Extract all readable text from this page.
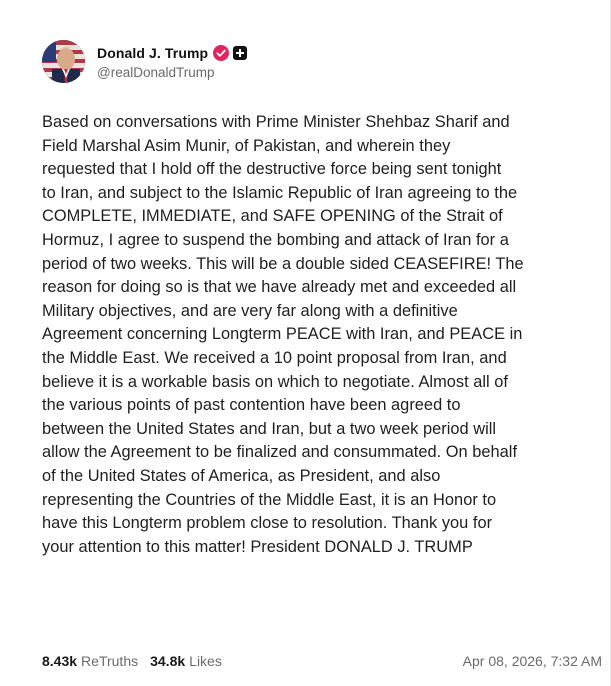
Donald J. Trump
@realDonaldTrump
Based on conversations with Prime Minister Shehbaz Sharif and
Field Marshal Asim Munir, of Pakistan, and wherein they
requested that I hold off the destructive force being sent tonight
to Iran, and subject to the Islamic Republic of Iran agreeing to the
COMPLETE, IMMEDIATE, and SAFE OPENING of the Strait of
Hormuz, I agree to suspend the bombing and attack of Iran for a
period of two weeks. This will be a double sided CEASEFIRE! The
reason for doing so is that we have already met and exceeded all
Military objectives, and are very far along with a definitive
Agreement concerning Longterm PEACE with Iran, and PEACE in
the Middle East. We received a 10 point proposal from Iran, and
believe it is a workable basis on which to negotiate. Almost all of
the various points of past contention have been agreed to
between the United States and Iran, but a two week period will
allow the Agreement to be finalized and consummated. On behalf
of the United States of America, as President, and also
representing the Countries of the Middle East, it is an Honor to
have this Longterm problem close to resolution. Thank you for
your attention to this matter! President DONALD J. TRUMP
8.43k ReTruths 34.8k Likes	Apr 08, 2026, 7:32 AM
